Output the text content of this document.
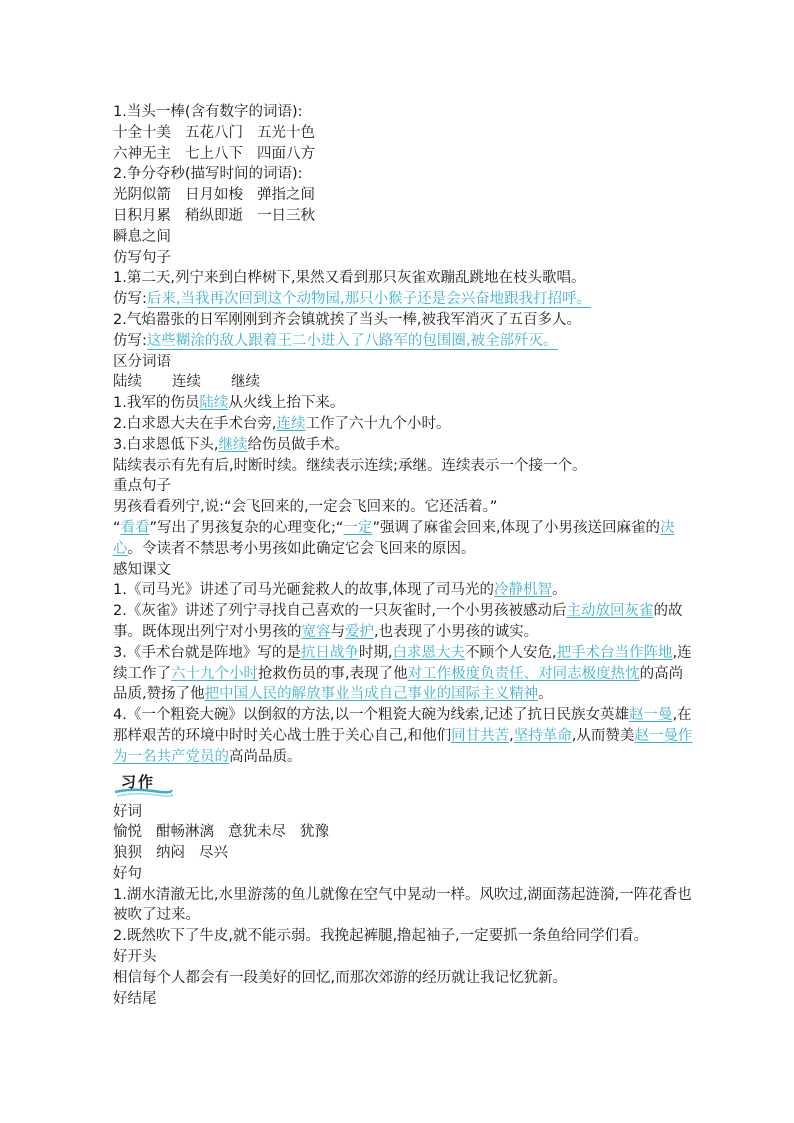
1.当头一棒(含有数字的词语):
十全十美 五花八门 五光十色
六神无主 七上八下 四面八方
2.争分夺秒(描写时间的词语):
光阴似箭 日月如梭 弹指之间
日积月累 稍纵即逝 一日三秋
瞬息之间
仿写句子
1.第二天,列宁来到白桦树下,果然又看到那只灰雀欢蹦乱跳地在枝头歌唱。
仿写:后来,当我再次回到这个动物园,那只小猴子还是会兴奋地跟我打招呼。
2.气焰嚣张的日军刚刚到齐会镇就挨了当头一棒,被我军消灭了五百多人。
仿写:这些糊涂的敌人跟着王二小进入了八路军的包围圈,被全部歼灭。
区分词语
陆续 连续 继续
1.我军的伤员陆续从火线上抬下来。
2.白求恩大夫在手术台旁,连续工作了六十九个小时。
3.白求恩低下头,继续给伤员做手术。
陆续表示有先有后,时断时续。继续表示连续;承继。连续表示一个接一个。
重点句子
男孩看看列宁,说:“会飞回来的,一定会飞回来的。它还活着。”
“看看”写出了男孩复杂的心理变化;“一定”强调了麻雀会回来,体现了小男孩送回麻雀的决心。令读者不禁思考小男孩如此确定它会飞回来的原因。
感知课文
1.《司马光》讲述了司马光砸瓮救人的故事,体现了司马光的冷静机智。
2.《灰雀》讲述了列宁寻找自己喜欢的一只灰雀时,一个小男孩被感动后主动放回灰雀的故事。既体现出列宁对小男孩的宽容与爱护,也表现了小男孩的诚实。
3.《手术台就是阵地》写的是抗日战争时期,白求恩大夫不顾个人安危,把手术台当作阵地,连续工作了六十九个小时抢救伤员的事,表现了他对工作极度负责任、对同志极度热忱的高尚品质,赞扬了他把中国人民的解放事业当成自己事业的国际主义精神。
4.《一个粗瓷大碗》以倒叙的方法,以一个粗瓷大碗为线索,记述了抗日民族女英雄赵一曼,在那样艰苦的环境中时时关心战士胜于关心自己,和他们同甘共苦,坚持革命,从而赞美赵一曼作为一名共产党员的高尚品质。
习作
好词
愉悦 酣畅淋漓 意犹未尽 犹豫
狼狈 纳闷 尽兴
好句
1.湖水清澈无比,水里游荡的鱼儿就像在空气中晃动一样。风吹过,湖面荡起涟漪,一阵花香也被吹了过来。
2.既然吹下了牛皮,就不能示弱。我挽起裤腿,撸起袖子,一定要抓一条鱼给同学们看。
好开头
相信每个人都会有一段美好的回忆,而那次郊游的经历就让我记忆犹新。
好结尾
